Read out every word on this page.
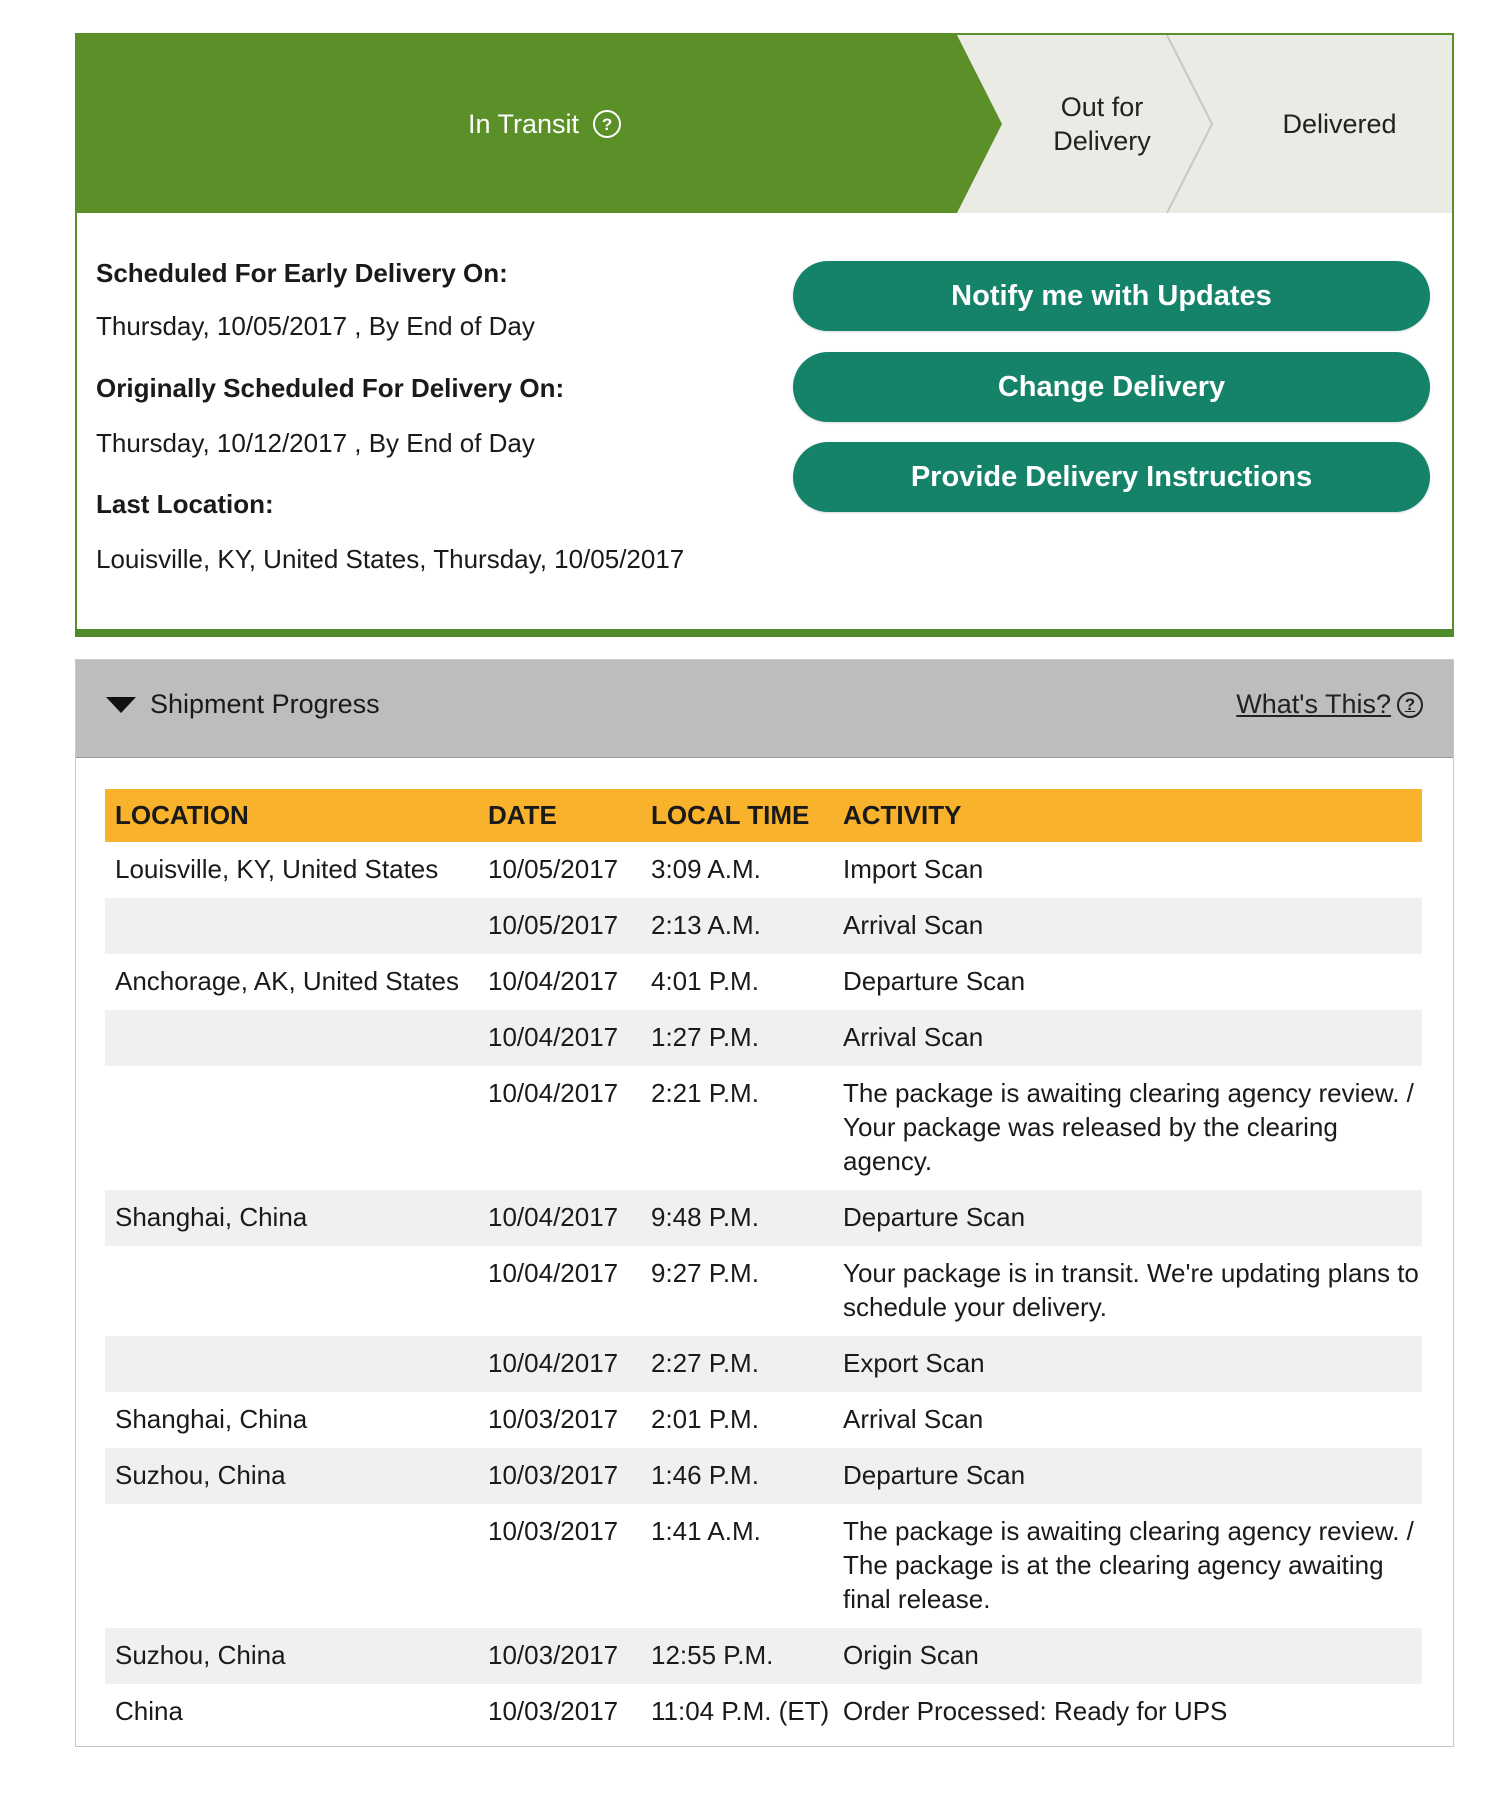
In Transit	?
Out for
Delivery
Delivered
Scheduled For Early Delivery On:
Thursday, 10/05/2017 , By End of Day
Originally Scheduled For Delivery On:
Thursday, 10/12/2017 , By End of Day
Last Location:
Louisville, KY, United States, Thursday, 10/05/2017
Notify me with Updates
Change Delivery
Provide Delivery Instructions
Shipment Progress	What's This? ?
LOCATION	DATE	LOCAL TIME	ACTIVITY
Louisville, KY, United States	10/05/2017	3:09 A.M.	Import Scan
	10/05/2017	2:13 A.M.	Arrival Scan
Anchorage, AK, United States	10/04/2017	4:01 P.M.	Departure Scan
	10/04/2017	1:27 P.M.	Arrival Scan
	10/04/2017	2:21 P.M.	The package is awaiting clearing agency review. / Your package was released by the clearing agency.
Shanghai, China	10/04/2017	9:48 P.M.	Departure Scan
	10/04/2017	9:27 P.M.	Your package is in transit. We're updating plans to schedule your delivery.
	10/04/2017	2:27 P.M.	Export Scan
Shanghai, China	10/03/2017	2:01 P.M.	Arrival Scan
Suzhou, China	10/03/2017	1:46 P.M.	Departure Scan
	10/03/2017	1:41 A.M.	The package is awaiting clearing agency review. / The package is at the clearing agency awaiting final release.
Suzhou, China	10/03/2017	12:55 P.M.	Origin Scan
China	10/03/2017	11:04 P.M. (ET)	Order Processed: Ready for UPS
